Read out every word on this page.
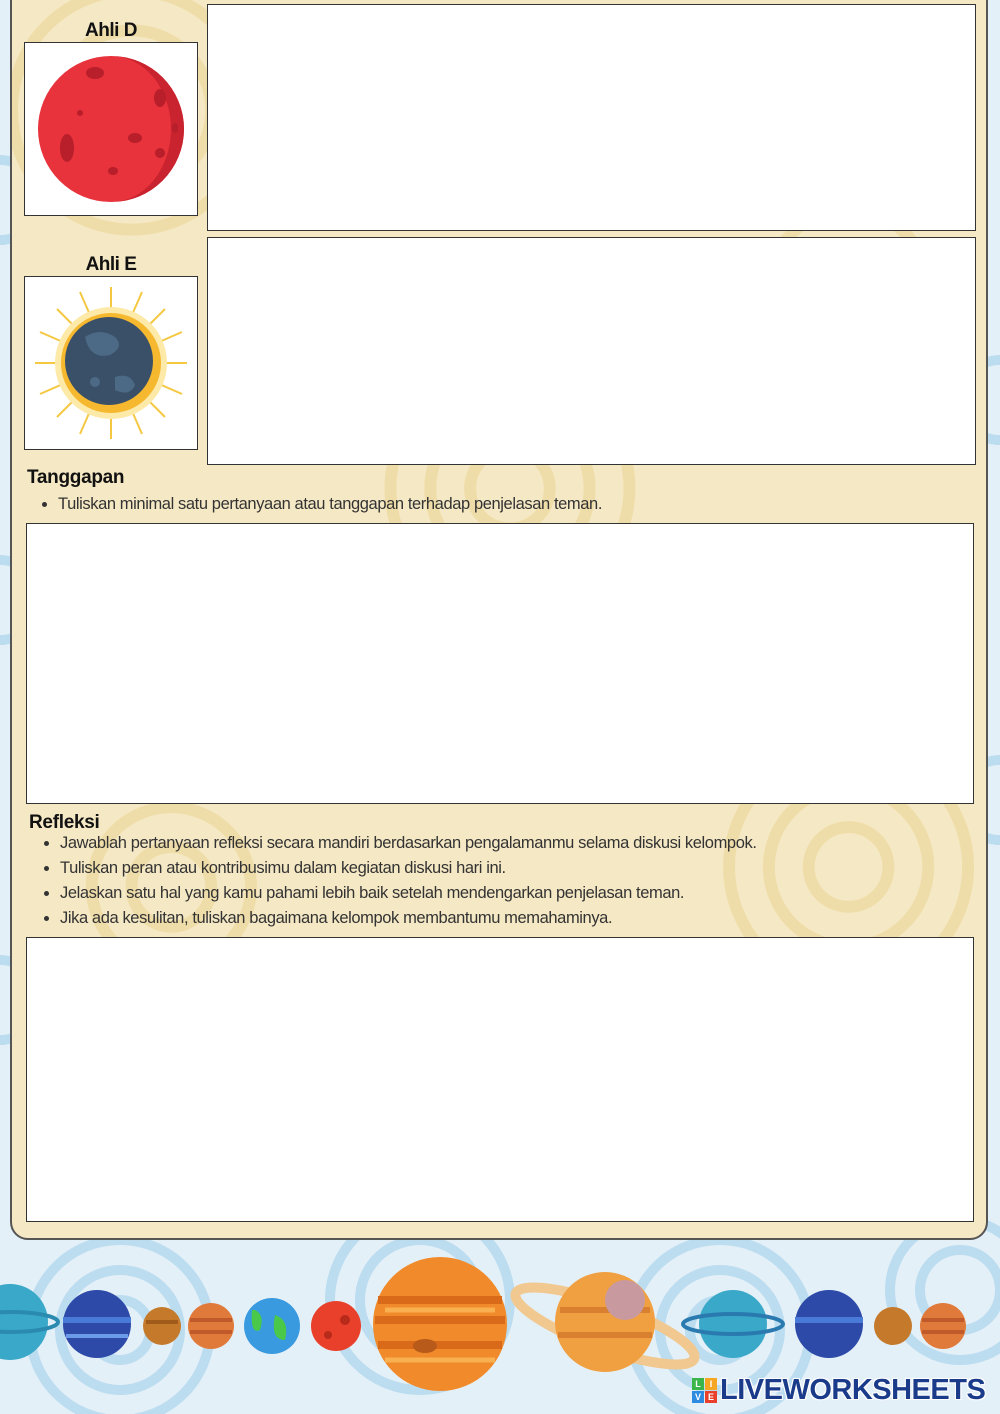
Ahli D
Ahli E
Tanggapan
• Tuliskan minimal satu pertanyaan atau tanggapan terhadap penjelasan teman.
Refleksi
• Jawablah pertanyaan refleksi secara mandiri berdasarkan pengalamanmu selama diskusi kelompok.
• Tuliskan peran atau kontribusimu dalam kegiatan diskusi hari ini.
• Jelaskan satu hal yang kamu pahami lebih baik setelah mendengarkan penjelasan teman.
• Jika ada kesulitan, tuliskan bagaimana kelompok membantumu memahaminya.
L I
V E LIVEWORKSHEETS
